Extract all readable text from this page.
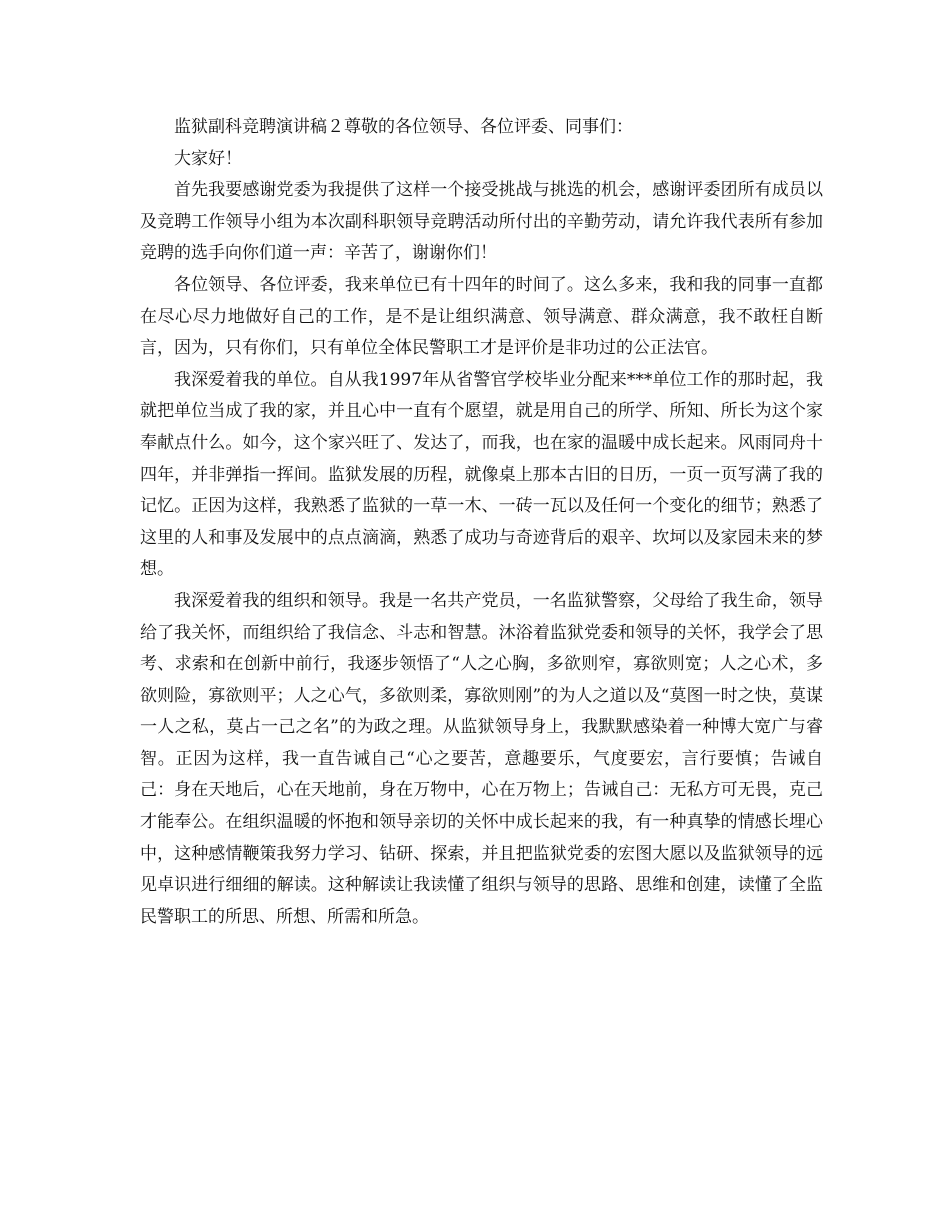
监狱副科竞聘演讲稿２尊敬的各位领导、各位评委、同事们：

大家好！

首先我要感谢党委为我提供了这样一个接受挑战与挑选的机会，感谢评委团所有成员以及竞聘工作领导小组为本次副科职领导竞聘活动所付出的辛勤劳动，请允许我代表所有参加竞聘的选手向你们道一声：辛苦了，谢谢你们！

各位领导、各位评委，我来单位已有十四年的时间了。这么多来，我和我的同事一直都在尽心尽力地做好自己的工作，是不是让组织满意、领导满意、群众满意，我不敢枉自断言，因为，只有你们，只有单位全体民警职工才是评价是非功过的公正法官。

我深爱着我的单位。自从我1997年从省警官学校毕业分配来***单位工作的那时起，我就把单位当成了我的家，并且心中一直有个愿望，就是用自己的所学、所知、所长为这个家奉献点什么。如今，这个家兴旺了、发达了，而我，也在家的温暖中成长起来。风雨同舟十四年，并非弹指一挥间。监狱发展的历程，就像桌上那本古旧的日历，一页一页写满了我的记忆。正因为这样，我熟悉了监狱的一草一木、一砖一瓦以及任何一个变化的细节；熟悉了这里的人和事及发展中的点点滴滴，熟悉了成功与奇迹背后的艰辛、坎坷以及家园未来的梦想。

我深爱着我的组织和领导。我是一名共产党员，一名监狱警察，父母给了我生命，领导给了我关怀，而组织给了我信念、斗志和智慧。沐浴着监狱党委和领导的关怀，我学会了思考、求索和在创新中前行，我逐步领悟了“人之心胸，多欲则窄，寡欲则宽；人之心术，多欲则险，寡欲则平；人之心气，多欲则柔，寡欲则刚”的为人之道以及“莫图一时之快，莫谋一人之私，莫占一己之名”的为政之理。从监狱领导身上，我默默感染着一种博大宽广与睿智。正因为这样，我一直告诫自己“心之要苦，意趣要乐，气度要宏，言行要慎；告诫自己：身在天地后，心在天地前，身在万物中，心在万物上；告诫自己：无私方可无畏，克己才能奉公。在组织温暖的怀抱和领导亲切的关怀中成长起来的我，有一种真挚的情感长埋心中，这种感情鞭策我努力学习、钻研、探索，并且把监狱党委的宏图大愿以及监狱领导的远见卓识进行细细的解读。这种解读让我读懂了组织与领导的思路、思维和创建，读懂了全监民警职工的所思、所想、所需和所急。
